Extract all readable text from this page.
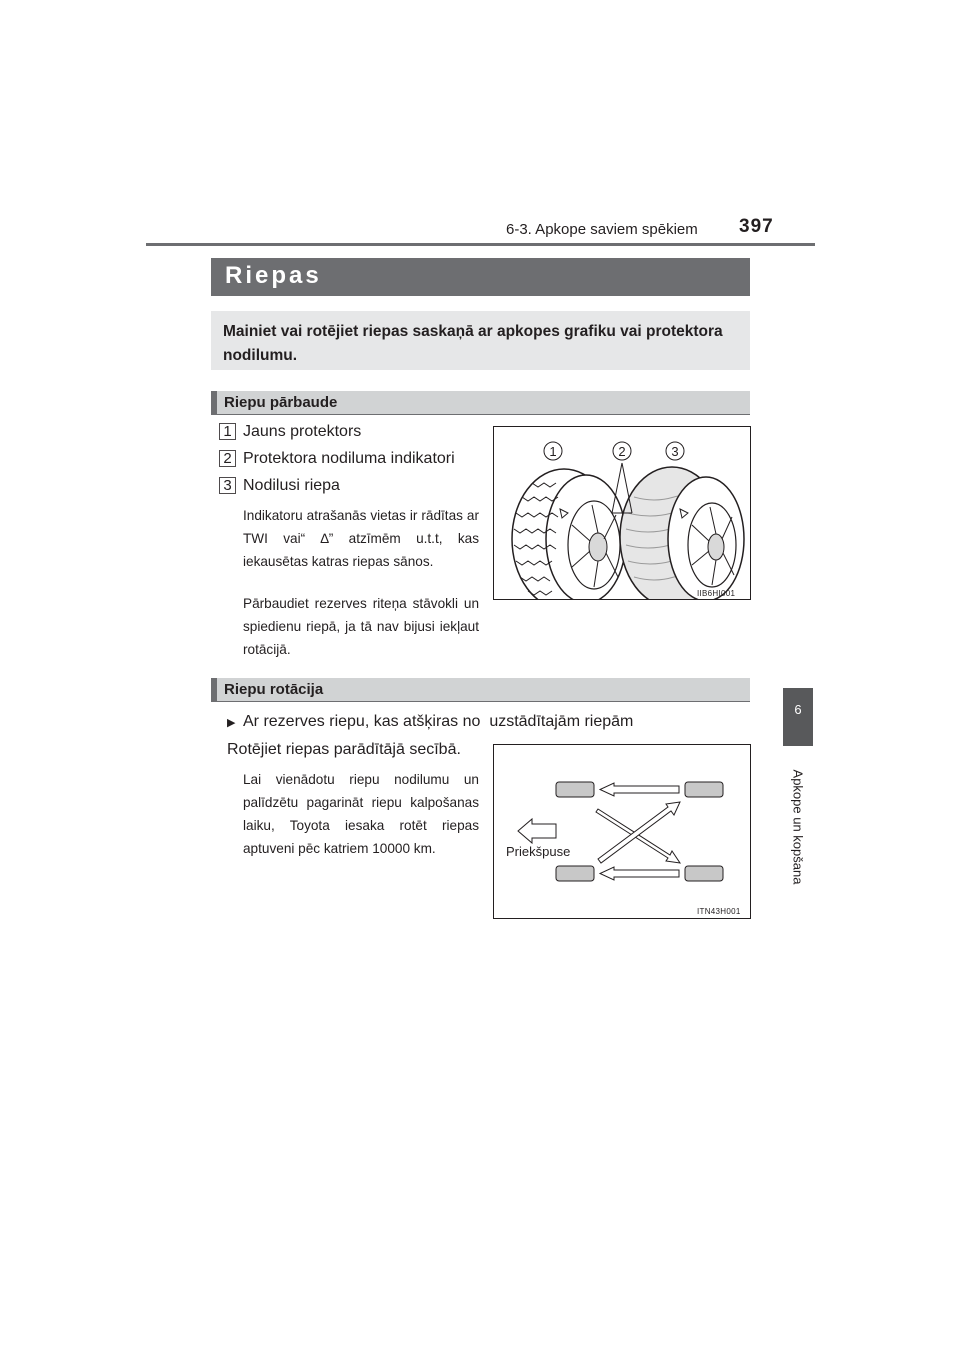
6-3. Apkope saviem spēkiem 397
6
Apkope un kopšana
Riepas
Mainiet vai rotējiet riepas saskaņā ar apkopes grafiku vai protektora nodilumu.
Riepu pārbaude
1 Jauns protektors
2 Protektora nodiluma indikatori
3 Nodilusi riepa
Indikatoru atrašanās vietas ir rādītas ar TWI vai“ ∆” atzīmēm u.t.t, kas iekausētas katras riepas sānos.
Pārbaudiet rezerves riteņa stāvokli un spiedienu riepā, ja tā nav bijusi iekļaut rotācijā.
1	2	3
IIB6HI001
Riepu rotācija
▶ Ar rezerves riepu, kas atšķiras no  uzstādītajām riepām
Rotējiet riepas parādītājā secībā.
Lai vienādotu riepu nodilumu un palīdzētu pagarināt riepu kalpošanas laiku, Toyota iesaka rotēt riepas aptuveni pēc katriem 10000 km.	Priekšpuse
ITN43H001
